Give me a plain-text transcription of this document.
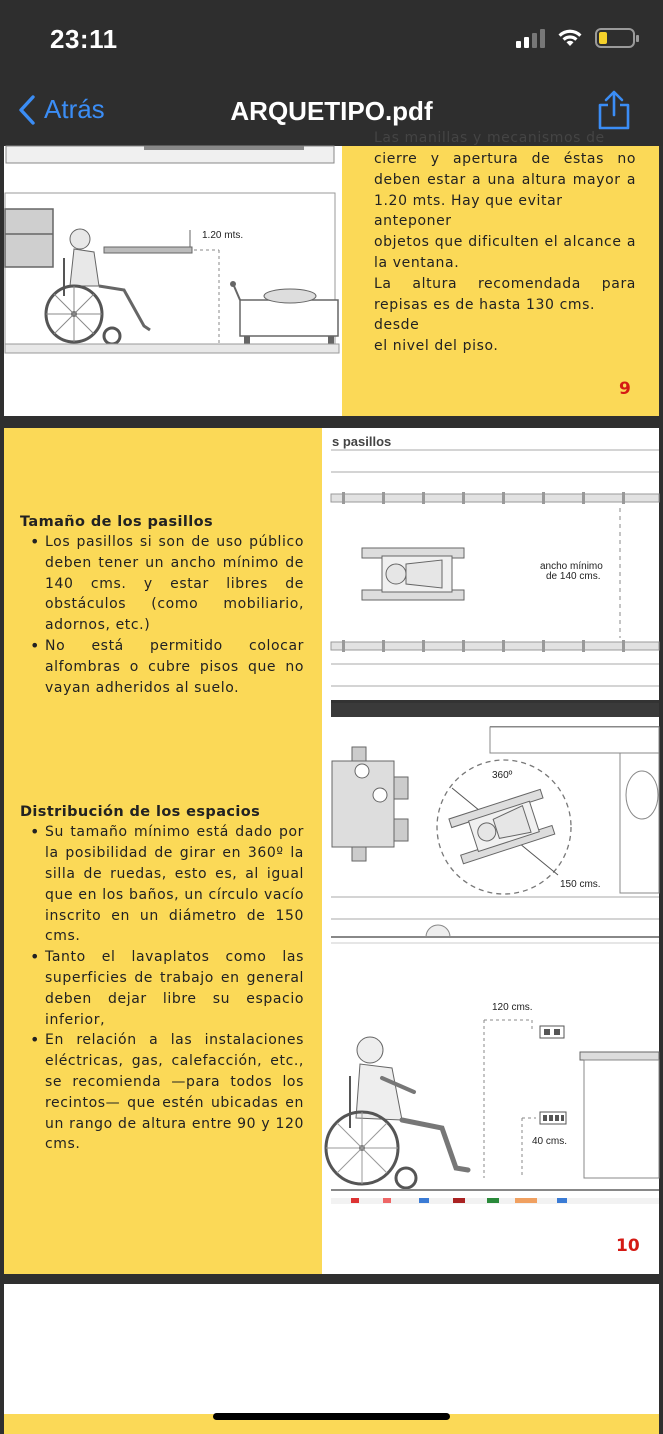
23:11
Atrás	ARQUETIPO.pdf
1.20 mts.
Las manillas y mecanismos de
cierre y apertura de éstas no
deben estar a una altura mayor a
1.20 mts. Hay que evitar anteponer
objetos que dificulten el alcance a
la ventana.
La altura recomendada para
repisas es de hasta 130 cms. desde
el nivel del piso.
9
Tamaño de los pasillos
• Los pasillos si son de uso público deben tener un ancho mínimo de 140 cms. y estar libres de obstáculos (como mobiliario, adornos, etc.)
• No está permitido colocar alfombras o cubre pisos que no vayan adheridos al suelo.
Distribución de los espacios
• Su tamaño mínimo está dado por la posibilidad de girar en 360º la silla de ruedas, esto es, al igual que en los baños, un círculo vacío inscrito en un diámetro de 150 cms.
• Tanto el lavaplatos como las superficies de trabajo en general deben dejar libre su espacio inferior,
• En relación a las instalaciones eléctricas, gas, calefacción, etc., se recomienda —para todos los recintos— que estén ubicadas en un rango de altura entre 90 y 120 cms.
s pasillos
ancho mínimo
de 140 cms.
360º
150 cms.
120 cms.
40 cms.
10
